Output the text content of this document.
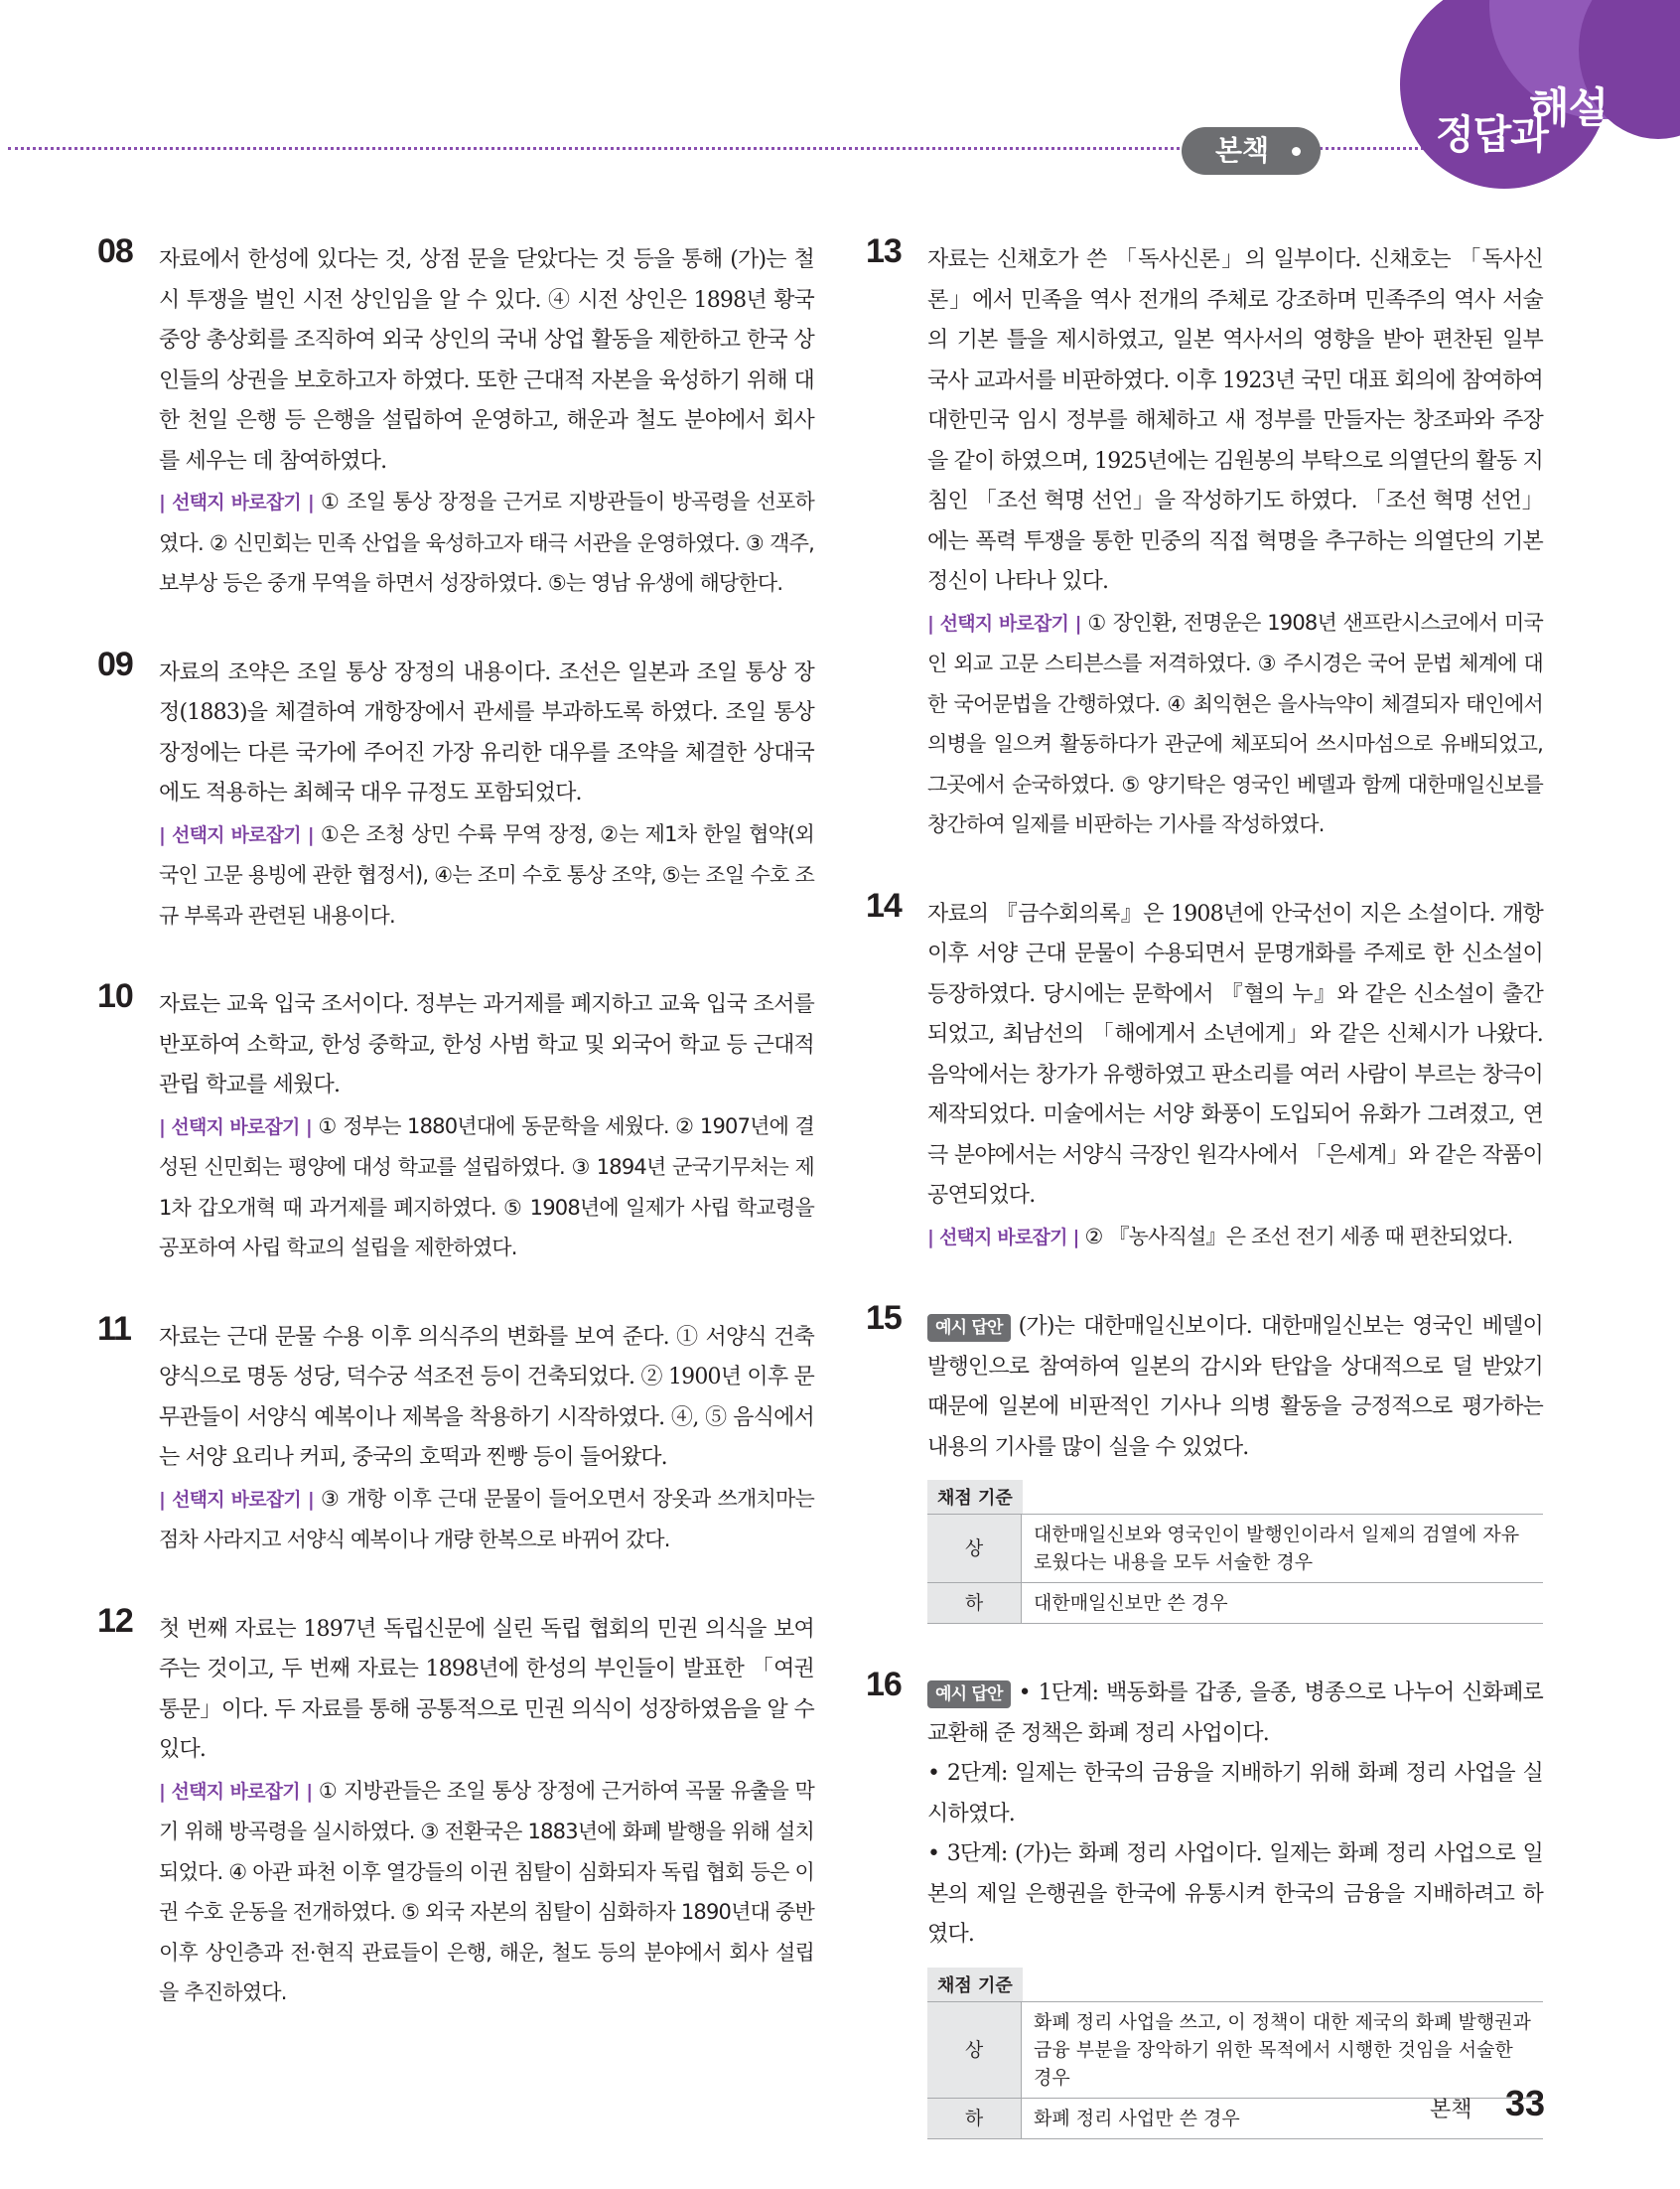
본책	정답과
해설
08 자료에서 한성에 있다는 것, 상점 문을 닫았다는 것 등을 통해 (가)는 철시 투쟁을 벌인 시전 상인임을 알 수 있다. ④ 시전 상인은 1898년 황국 중앙 총상회를 조직하여 외국 상인의 국내 상업 활동을 제한하고 한국 상인들의 상권을 보호하고자 하였다. 또한 근대적 자본을 육성하기 위해 대한 천일 은행 등 은행을 설립하여 운영하고, 해운과 철도 분야에서 회사를 세우는 데 참여하였다.
| 선택지 바로잡기 | ① 조일 통상 장정을 근거로 지방관들이 방곡령을 선포하였다. ② 신민회는 민족 산업을 육성하고자 태극 서관을 운영하였다. ③ 객주, 보부상 등은 중개 무역을 하면서 성장하였다. ⑤는 영남 유생에 해당한다.
09 자료의 조약은 조일 통상 장정의 내용이다. 조선은 일본과 조일 통상 장정(1883)을 체결하여 개항장에서 관세를 부과하도록 하였다. 조일 통상 장정에는 다른 국가에 주어진 가장 유리한 대우를 조약을 체결한 상대국에도 적용하는 최혜국 대우 규정도 포함되었다.
| 선택지 바로잡기 | ①은 조청 상민 수륙 무역 장정, ②는 제1차 한일 협약(외국인 고문 용빙에 관한 협정서), ④는 조미 수호 통상 조약, ⑤는 조일 수호 조규 부록과 관련된 내용이다.
10 자료는 교육 입국 조서이다. 정부는 과거제를 폐지하고 교육 입국 조서를 반포하여 소학교, 한성 중학교, 한성 사범 학교 및 외국어 학교 등 근대적 관립 학교를 세웠다.
| 선택지 바로잡기 | ① 정부는 1880년대에 동문학을 세웠다. ② 1907년에 결성된 신민회는 평양에 대성 학교를 설립하였다. ③ 1894년 군국기무처는 제1차 갑오개혁 때 과거제를 폐지하였다. ⑤ 1908년에 일제가 사립 학교령을 공포하여 사립 학교의 설립을 제한하였다.
11 자료는 근대 문물 수용 이후 의식주의 변화를 보여 준다. ① 서양식 건축 양식으로 명동 성당, 덕수궁 석조전 등이 건축되었다. ② 1900년 이후 문무관들이 서양식 예복이나 제복을 착용하기 시작하였다. ④, ⑤ 음식에서는 서양 요리나 커피, 중국의 호떡과 찐빵 등이 들어왔다.
| 선택지 바로잡기 | ③ 개항 이후 근대 문물이 들어오면서 장옷과 쓰개치마는 점차 사라지고 서양식 예복이나 개량 한복으로 바뀌어 갔다.
12 첫 번째 자료는 1897년 독립신문에 실린 독립 협회의 민권 의식을 보여 주는 것이고, 두 번째 자료는 1898년에 한성의 부인들이 발표한 「여권통문」이다. 두 자료를 통해 공통적으로 민권 의식이 성장하였음을 알 수 있다.
| 선택지 바로잡기 | ① 지방관들은 조일 통상 장정에 근거하여 곡물 유출을 막기 위해 방곡령을 실시하였다. ③ 전환국은 1883년에 화폐 발행을 위해 설치되었다. ④ 아관 파천 이후 열강들의 이권 침탈이 심화되자 독립 협회 등은 이권 수호 운동을 전개하였다. ⑤ 외국 자본의 침탈이 심화하자 1890년대 중반 이후 상인층과 전·현직 관료들이 은행, 해운, 철도 등의 분야에서 회사 설립을 추진하였다.
13 자료는 신채호가 쓴 「독사신론」의 일부이다. 신채호는 「독사신론」에서 민족을 역사 전개의 주체로 강조하며 민족주의 역사 서술의 기본 틀을 제시하였고, 일본 역사서의 영향을 받아 편찬된 일부 국사 교과서를 비판하였다. 이후 1923년 국민 대표 회의에 참여하여 대한민국 임시 정부를 해체하고 새 정부를 만들자는 창조파와 주장을 같이 하였으며, 1925년에는 김원봉의 부탁으로 의열단의 활동 지침인 「조선 혁명 선언」을 작성하기도 하였다. 「조선 혁명 선언」에는 폭력 투쟁을 통한 민중의 직접 혁명을 추구하는 의열단의 기본 정신이 나타나 있다.
| 선택지 바로잡기 | ① 장인환, 전명운은 1908년 샌프란시스코에서 미국인 외교 고문 스티븐스를 저격하였다. ③ 주시경은 국어 문법 체계에 대한 국어문법을 간행하였다. ④ 최익현은 을사늑약이 체결되자 태인에서 의병을 일으켜 활동하다가 관군에 체포되어 쓰시마섬으로 유배되었고, 그곳에서 순국하였다. ⑤ 양기탁은 영국인 베델과 함께 대한매일신보를 창간하여 일제를 비판하는 기사를 작성하였다.
14 자료의 『금수회의록』은 1908년에 안국선이 지은 소설이다. 개항 이후 서양 근대 문물이 수용되면서 문명개화를 주제로 한 신소설이 등장하였다. 당시에는 문학에서 『혈의 누』와 같은 신소설이 출간되었고, 최남선의 「해에게서 소년에게」와 같은 신체시가 나왔다. 음악에서는 창가가 유행하였고 판소리를 여러 사람이 부르는 창극이 제작되었다. 미술에서는 서양 화풍이 도입되어 유화가 그려졌고, 연극 분야에서는 서양식 극장인 원각사에서 「은세계」와 같은 작품이 공연되었다.
| 선택지 바로잡기 | ② 『농사직설』은 조선 전기 세종 때 편찬되었다.
15	예시 답안 (가)는 대한매일신보이다. 대한매일신보는 영국인 베델이 발행인으로 참여하여 일본의 감시와 탄압을 상대적으로 덜 받았기 때문에 일본에 비판적인 기사나 의병 활동을 긍정적으로 평가하는 내용의 기사를 많이 실을 수 있었다.
채점 기준
상	대한매일신보와 영국인이 발행인이라서 일제의 검열에 자유로웠다는 내용을 모두 서술한 경우
하	대한매일신보만 쓴 경우
16	예시 답안 • 1단계: 백동화를 갑종, 을종, 병종으로 나누어 신화폐로 교환해 준 정책은 화폐 정리 사업이다.
• 2단계: 일제는 한국의 금융을 지배하기 위해 화폐 정리 사업을 실시하였다.
• 3단계: (가)는 화폐 정리 사업이다. 일제는 화폐 정리 사업으로 일본의 제일 은행권을 한국에 유통시켜 한국의 금융을 지배하려고 하였다.
채점 기준
상	화폐 정리 사업을 쓰고, 이 정책이 대한 제국의 화폐 발행권과 금융 부분을 장악하기 위한 목적에서 시행한 것임을 서술한 경우
하	화폐 정리 사업만 쓴 경우	본책 33
